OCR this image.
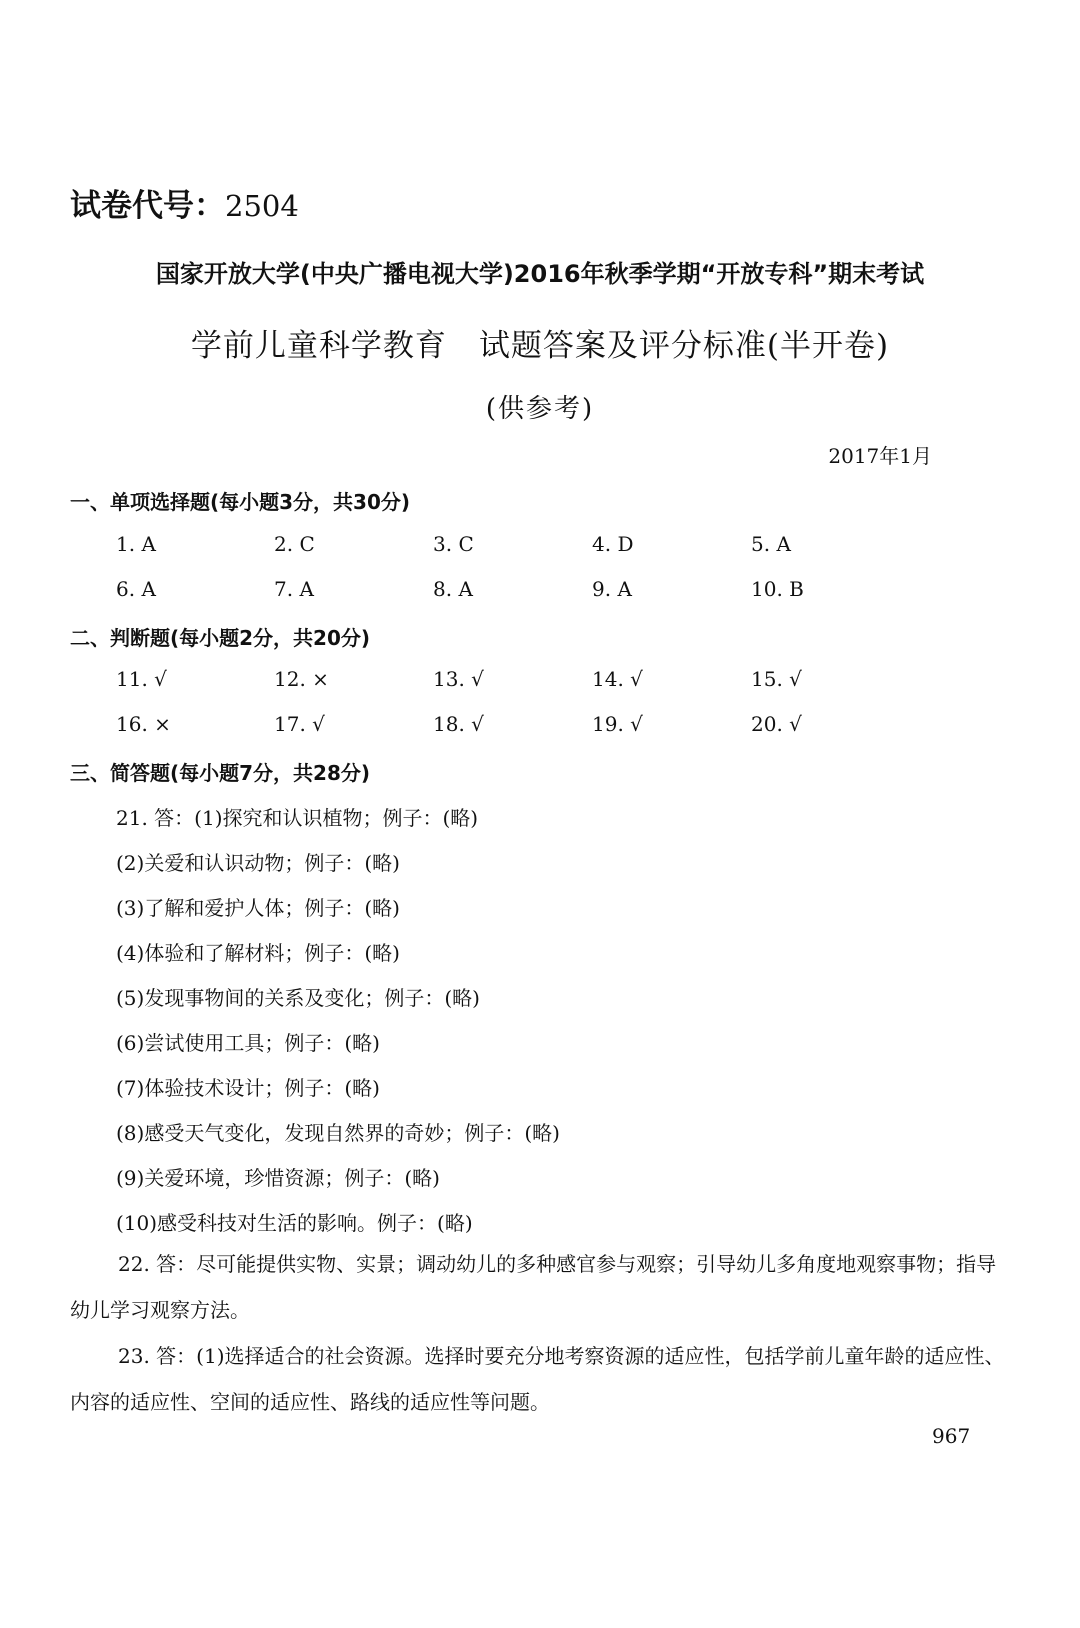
试卷代号：2504
国家开放大学(中央广播电视大学)2016年秋季学期“开放专科”期末考试
学前儿童科学教育　试题答案及评分标准(半开卷)
(供参考)
2017年1月
一、单项选择题(每小题3分，共30分)
1. A	2. C	3. C	4. D	5. A
6. A	7. A	8. A	9. A	10. B
二、判断题(每小题2分，共20分)
11. √	12. ×	13. √	14. √	15. √
16. ×	17. √	18. √	19. √	20. √
三、简答题(每小题7分，共28分)
21. 答：(1)探究和认识植物；例子：(略)
(2)关爱和认识动物；例子：(略)
(3)了解和爱护人体；例子：(略)
(4)体验和了解材料；例子：(略)
(5)发现事物间的关系及变化；例子：(略)
(6)尝试使用工具；例子：(略)
(7)体验技术设计；例子：(略)
(8)感受天气变化，发现自然界的奇妙；例子：(略)
(9)关爱环境，珍惜资源；例子：(略)
(10)感受科技对生活的影响。例子：(略)
22. 答：尽可能提供实物、实景；调动幼儿的多种感官参与观察；引导幼儿多角度地观察事物；指导幼儿学习观察方法。
23. 答：(1)选择适合的社会资源。选择时要充分地考察资源的适应性，包括学前儿童年龄的适应性、内容的适应性、空间的适应性、路线的适应性等问题。
967
